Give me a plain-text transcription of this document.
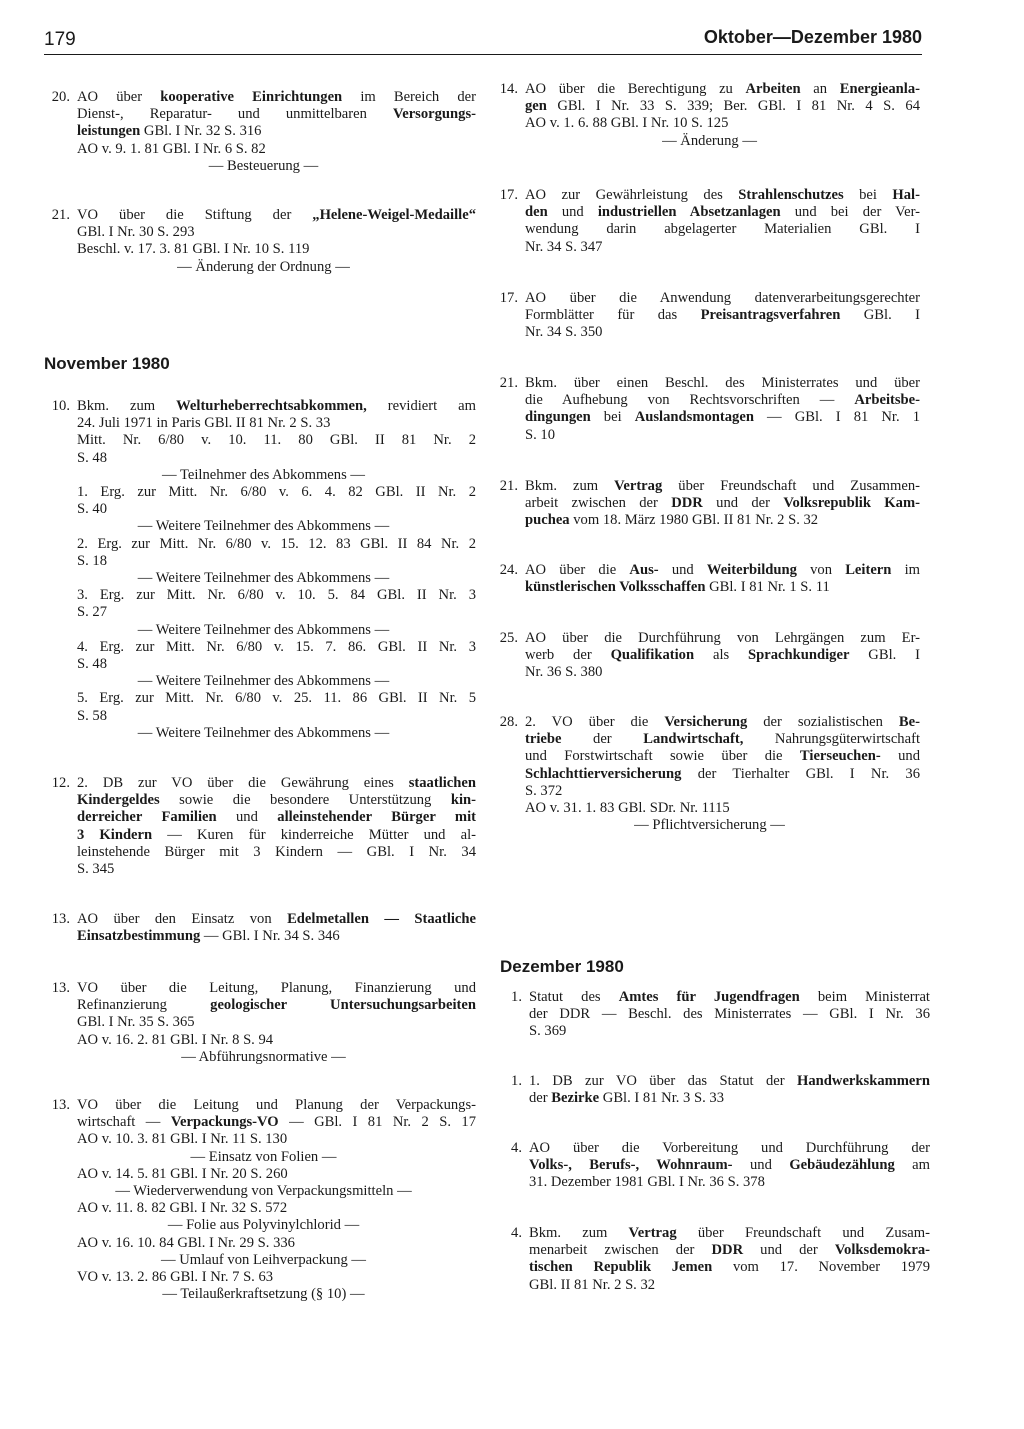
179	Oktober—Dezember 1980
20. AO über kooperative Einrichtungen im Bereich der
Dienst-, Reparatur- und unmittelbaren Versorgungs-
leistungen GBl. I Nr. 32 S. 316
AO v. 9. 1. 81 GBl. I Nr. 6 S. 82
— Besteuerung —
21. VO über die Stiftung der „Helene-Weigel-Medaille“
GBl. I Nr. 30 S. 293
Beschl. v. 17. 3. 81 GBl. I Nr. 10 S. 119
— Änderung der Ordnung —
November 1980
10. Bkm. zum Welturheberrechtsabkommen, revidiert am
24. Juli 1971 in Paris GBl. II 81 Nr. 2 S. 33
Mitt. Nr. 6/80 v. 10. 11. 80 GBl. II 81 Nr. 2
S. 48
— Teilnehmer des Abkommens —
1. Erg. zur Mitt. Nr. 6/80 v. 6. 4. 82 GBl. II Nr. 2
S. 40
— Weitere Teilnehmer des Abkommens —
2. Erg. zur Mitt. Nr. 6/80 v. 15. 12. 83 GBl. II 84 Nr. 2
S. 18
— Weitere Teilnehmer des Abkommens —
3. Erg. zur Mitt. Nr. 6/80 v. 10. 5. 84 GBl. II Nr. 3
S. 27
— Weitere Teilnehmer des Abkommens —
4. Erg. zur Mitt. Nr. 6/80 v. 15. 7. 86. GBl. II Nr. 3
S. 48
— Weitere Teilnehmer des Abkommens —
5. Erg. zur Mitt. Nr. 6/80 v. 25. 11. 86 GBl. II Nr. 5
S. 58
— Weitere Teilnehmer des Abkommens —
12. 2. DB zur VO über die Gewährung eines staatlichen
Kindergeldes sowie die besondere Unterstützung kin-
derreicher Familien und alleinstehender Bürger mit
3 Kindern — Kuren für kinderreiche Mütter und al-
leinstehende Bürger mit 3 Kindern — GBl. I Nr. 34
S. 345
13. AO über den Einsatz von Edelmetallen — Staatliche
Einsatzbestimmung — GBl. I Nr. 34 S. 346
13. VO über die Leitung, Planung, Finanzierung und
Refinanzierung geologischer Untersuchungsarbeiten
GBl. I Nr. 35 S. 365
AO v. 16. 2. 81 GBl. I Nr. 8 S. 94
— Abführungsnormative —
13. VO über die Leitung und Planung der Verpackungs-
wirtschaft — Verpackungs-VO — GBl. I 81 Nr. 2 S. 17
AO v. 10. 3. 81 GBl. I Nr. 11 S. 130
— Einsatz von Folien —
AO v. 14. 5. 81 GBl. I Nr. 20 S. 260
— Wiederverwendung von Verpackungsmitteln —
AO v. 11. 8. 82 GBl. I Nr. 32 S. 572
— Folie aus Polyvinylchlorid —
AO v. 16. 10. 84 GBl. I Nr. 29 S. 336
— Umlauf von Leihverpackung —
VO v. 13. 2. 86 GBl. I Nr. 7 S. 63
— Teilaußerkraftsetzung (§ 10) —
14. AO über die Berechtigung zu Arbeiten an Energieanla-
gen GBl. I Nr. 33 S. 339; Ber. GBl. I 81 Nr. 4 S. 64
AO v. 1. 6. 88 GBl. I Nr. 10 S. 125
— Änderung —
17. AO zur Gewährleistung des Strahlenschutzes bei Hal-
den und industriellen Absetzanlagen und bei der Ver-
wendung darin abgelagerter Materialien GBl. I
Nr. 34 S. 347
17. AO über die Anwendung datenverarbeitungsgerechter
Formblätter für das Preisantragsverfahren GBl. I
Nr. 34 S. 350
21. Bkm. über einen Beschl. des Ministerrates und über
die Aufhebung von Rechtsvorschriften — Arbeitsbe-
dingungen bei Auslandsmontagen — GBl. I 81 Nr. 1
S. 10
21. Bkm. zum Vertrag über Freundschaft und Zusammen-
arbeit zwischen der DDR und der Volksrepublik Kam-
puchea vom 18. März 1980 GBl. II 81 Nr. 2 S. 32
24. AO über die Aus- und Weiterbildung von Leitern im
künstlerischen Volksschaffen GBl. I 81 Nr. 1 S. 11
25. AO über die Durchführung von Lehrgängen zum Er-
werb der Qualifikation als Sprachkundiger GBl. I
Nr. 36 S. 380
28. 2. VO über die Versicherung der sozialistischen Be-
triebe der Landwirtschaft, Nahrungsgüterwirtschaft
und Forstwirtschaft sowie über die Tierseuchen- und
Schlachttierversicherung der Tierhalter GBl. I Nr. 36
S. 372
AO v. 31. 1. 83 GBl. SDr. Nr. 1115
— Pflichtversicherung —
Dezember 1980
1. Statut des Amtes für Jugendfragen beim Ministerrat
der DDR — Beschl. des Ministerrates — GBl. I Nr. 36
S. 369
1. 1. DB zur VO über das Statut der Handwerkskammern
der Bezirke GBl. I 81 Nr. 3 S. 33
4. AO über die Vorbereitung und Durchführung der
Volks-, Berufs-, Wohnraum- und Gebäudezählung am
31. Dezember 1981 GBl. I Nr. 36 S. 378
4. Bkm. zum Vertrag über Freundschaft und Zusam-
menarbeit zwischen der DDR und der Volksdemokra-
tischen Republik Jemen vom 17. November 1979
GBl. II 81 Nr. 2 S. 32
